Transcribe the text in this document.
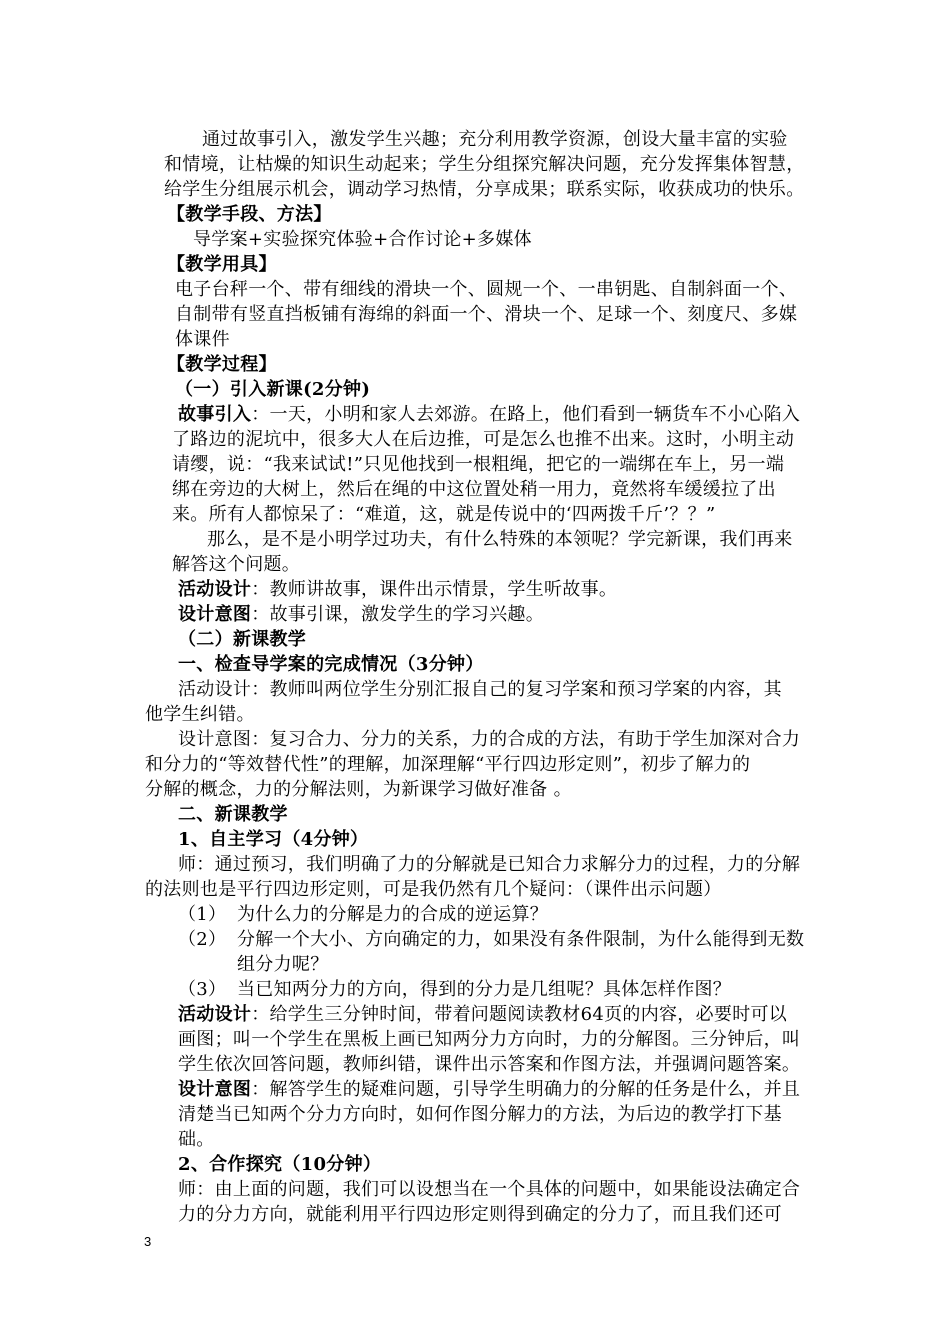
通过故事引入，激发学生兴趣；充分利用教学资源，创设大量丰富的实验
和情境，让枯燥的知识生动起来；学生分组探究解决问题，充分发挥集体智慧，
给学生分组展示机会，调动学习热情，分享成果；联系实际，收获成功的快乐。
【教学手段、方法】
导学案+实验探究体验+合作讨论+多媒体
【教学用具】
电子台秤一个、带有细线的滑块一个、圆规一个、一串钥匙、自制斜面一个、
自制带有竖直挡板铺有海绵的斜面一个、滑块一个、足球一个、刻度尺、多媒
体课件
【教学过程】
（一）引入新课(2分钟)
故事引入：一天，小明和家人去郊游。在路上，他们看到一辆货车不小心陷入
了路边的泥坑中，很多大人在后边推，可是怎么也推不出来。这时，小明主动
请缨，说：“我来试试!”只见他找到一根粗绳，把它的一端绑在车上，另一端
绑在旁边的大树上，然后在绳的中这位置处稍一用力，竟然将车缓缓拉了出
来。所有人都惊呆了：“难道，这，就是传说中的‘四两拨千斤’？？”
那么，是不是小明学过功夫，有什么特殊的本领呢？学完新课，我们再来
解答这个问题。
活动设计：教师讲故事，课件出示情景，学生听故事。
设计意图：故事引课，激发学生的学习兴趣。
（二）新课教学
一、检查导学案的完成情况（3分钟）
活动设计：教师叫两位学生分别汇报自己的复习学案和预习学案的内容，其
他学生纠错。
设计意图：复习合力、分力的关系，力的合成的方法，有助于学生加深对合力
和分力的“等效替代性”的理解，加深理解“平行四边形定则”，初步了解力的
分解的概念，力的分解法则，为新课学习做好准备 。
二、新课教学
1、自主学习（4分钟）
师：通过预习，我们明确了力的分解就是已知合力求解分力的过程，力的分解
的法则也是平行四边形定则，可是我仍然有几个疑问：（课件出示问题）
（1） 为什么力的分解是力的合成的逆运算？
（2） 分解一个大小、方向确定的力，如果没有条件限制，为什么能得到无数
组分力呢？
（3） 当已知两分力的方向，得到的分力是几组呢？具体怎样作图？
活动设计：给学生三分钟时间，带着问题阅读教材64页的内容，必要时可以
画图；叫一个学生在黑板上画已知两分力方向时，力的分解图。三分钟后，叫
学生依次回答问题，教师纠错，课件出示答案和作图方法，并强调问题答案。
设计意图：解答学生的疑难问题，引导学生明确力的分解的任务是什么，并且
清楚当已知两个分力方向时，如何作图分解力的方法，为后边的教学打下基
础。
2、合作探究（10分钟）
师：由上面的问题，我们可以设想当在一个具体的问题中，如果能设法确定合
力的分力方向，就能利用平行四边形定则得到确定的分力了，而且我们还可
3
